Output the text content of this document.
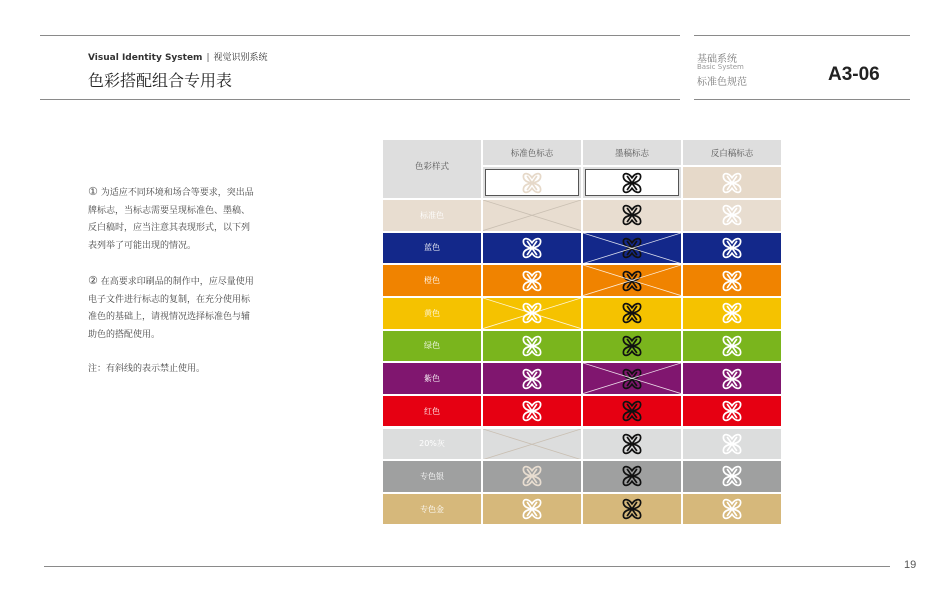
Visual Identity System | 视觉识别系统
色彩搭配组合专用表
基础系统
Basic System
标准色规范	A3-06

① 为适应不同环境和场合等要求，突出品牌标志，当标志需要呈现标准色、墨稿、反白稿时，应当注意其表现形式，以下列表列举了可能出现的情况。

② 在高要求印刷品的制作中，应尽量使用电子文件进行标志的复制，在充分使用标准色的基础上，请视情况选择标准色与辅助色的搭配使用。

注：有斜线的表示禁止使用。

色彩样式
标准色标志	墨稿标志	反白稿标志
标准色
蓝色
橙色
黄色
绿色
紫色
红色
20%灰
专色银
专色金
19
